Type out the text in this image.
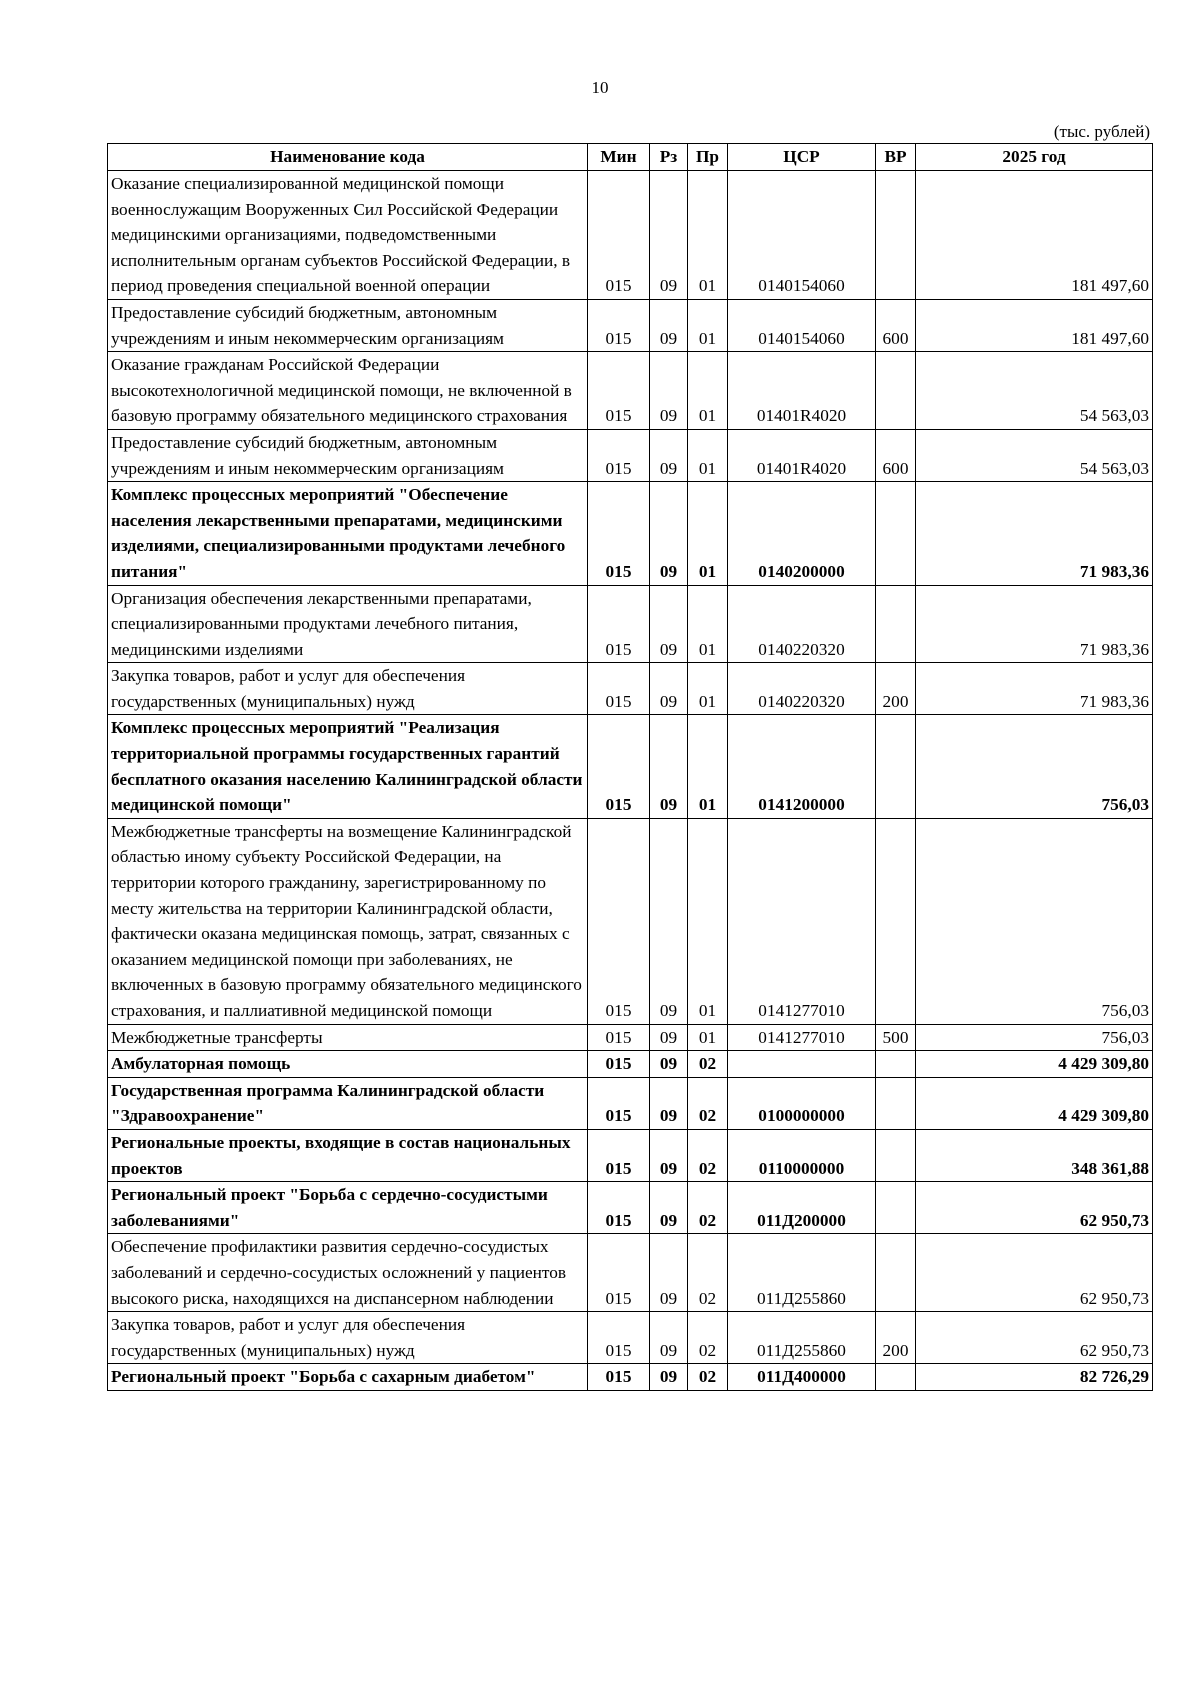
10
(тыс. рублей)
Наименование кода	Мин	Рз	Пр	ЦСР	ВР	2025 год
Оказание специализированной медицинской помощи военнослужащим Вооруженных Сил Российской Федерации медицинскими организациями, подведомственными исполнительным органам субъектов Российской Федерации, в период проведения специальной военной операции	015	09	01	0140154060		181 497,60
Предоставление субсидий бюджетным, автономным учреждениям и иным некоммерческим организациям	015	09	01	0140154060	600	181 497,60
Оказание гражданам Российской Федерации высокотехнологичной медицинской помощи, не включенной в базовую программу обязательного медицинского страхования	015	09	01	01401R4020		54 563,03
Предоставление субсидий бюджетным, автономным учреждениям и иным некоммерческим организациям	015	09	01	01401R4020	600	54 563,03
Комплекс процессных мероприятий "Обеспечение населения лекарственными препаратами, медицинскими изделиями, специализированными продуктами лечебного питания"	015	09	01	0140200000		71 983,36
Организация обеспечения лекарственными препаратами, специализированными продуктами лечебного питания, медицинскими изделиями	015	09	01	0140220320		71 983,36
Закупка товаров, работ и услуг для обеспечения государственных (муниципальных) нужд	015	09	01	0140220320	200	71 983,36
Комплекс процессных мероприятий "Реализация территориальной программы государственных гарантий бесплатного оказания населению Калининградской области медицинской помощи"	015	09	01	0141200000		756,03
Межбюджетные трансферты на возмещение Калининградской областью иному субъекту Российской Федерации, на территории которого гражданину, зарегистрированному по месту жительства на территории Калининградской области, фактически оказана медицинская помощь, затрат, связанных с оказанием медицинской помощи при заболеваниях, не включенных в базовую программу обязательного медицинского страхования, и паллиативной медицинской помощи	015	09	01	0141277010		756,03
Межбюджетные трансферты	015	09	01	0141277010	500	756,03
Амбулаторная помощь	015	09	02			4 429 309,80
Государственная программа Калининградской области "Здравоохранение"	015	09	02	0100000000		4 429 309,80
Региональные проекты, входящие в состав национальных проектов	015	09	02	0110000000		348 361,88
Региональный проект "Борьба с сердечно-сосудистыми заболеваниями"	015	09	02	011Д200000		62 950,73
Обеспечение профилактики развития сердечно-сосудистых заболеваний и сердечно-сосудистых осложнений у пациентов высокого риска, находящихся на диспансерном наблюдении	015	09	02	011Д255860		62 950,73
Закупка товаров, работ и услуг для обеспечения государственных (муниципальных) нужд	015	09	02	011Д255860	200	62 950,73
Региональный проект "Борьба с сахарным диабетом"	015	09	02	011Д400000		82 726,29
